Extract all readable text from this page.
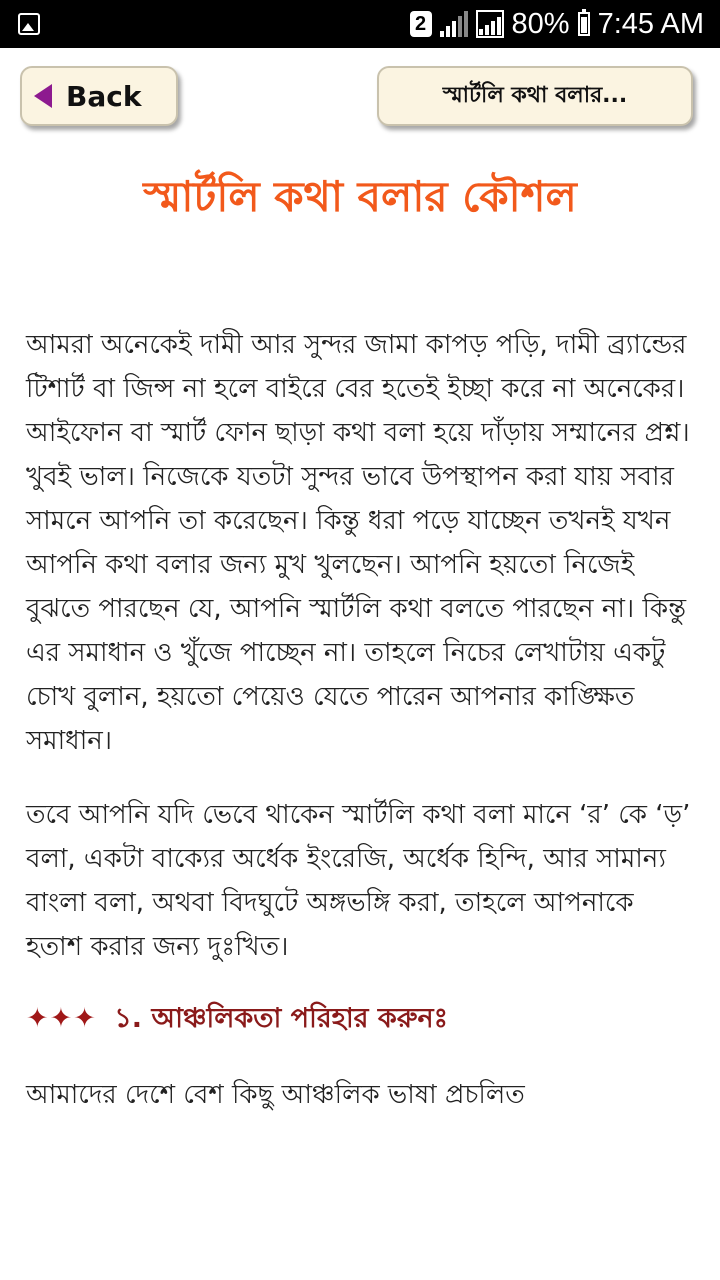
2	80% 7:45 AM
Back	স্মার্টলি কথা বলার...
স্মার্টলি কথা বলার কৌশল

আমরা অনেকেই দামী আর সুন্দর জামা কাপড় পড়ি, দামী ব্র্যান্ডের টিশার্ট বা জিন্স না হলে বাইরে বের হতেই ইচ্ছা করে না অনেকের। আইফোন বা স্মার্ট ফোন ছাড়া কথা বলা হয়ে দাঁড়ায় সম্মানের প্রশ্ন। খুবই ভাল। নিজেকে যতটা সুন্দর ভাবে উপস্থাপন করা যায় সবার সামনে আপনি তা করেছেন। কিন্তু ধরা পড়ে যাচ্ছেন তখনই যখন আপনি কথা বলার জন্য মুখ খুলছেন। আপনি হয়তো নিজেই বুঝতে পারছেন যে, আপনি স্মার্টলি কথা বলতে পারছেন না। কিন্তু এর সমাধান ও খুঁজে পাচ্ছেন না। তাহলে নিচের লেখাটায় একটু চোখ বুলান, হয়তো পেয়েও যেতে পারেন আপনার কাঙ্ক্ষিত সমাধান।

তবে আপনি যদি ভেবে থাকেন স্মার্টলি কথা বলা মানে ‘র’ কে ‘ড়’ বলা, একটা বাক্যের অর্ধেক ইংরেজি, অর্ধেক হিন্দি, আর সামান্য বাংলা বলা, অথবা বিদঘুটে অঙ্গভঙ্গি করা, তাহলে আপনাকে হতাশ করার জন্য দুঃখিত।

✦✦✦ ১. আঞ্চলিকতা পরিহার করুনঃ

আমাদের দেশে বেশ কিছু আঞ্চলিক ভাষা প্রচলিত
